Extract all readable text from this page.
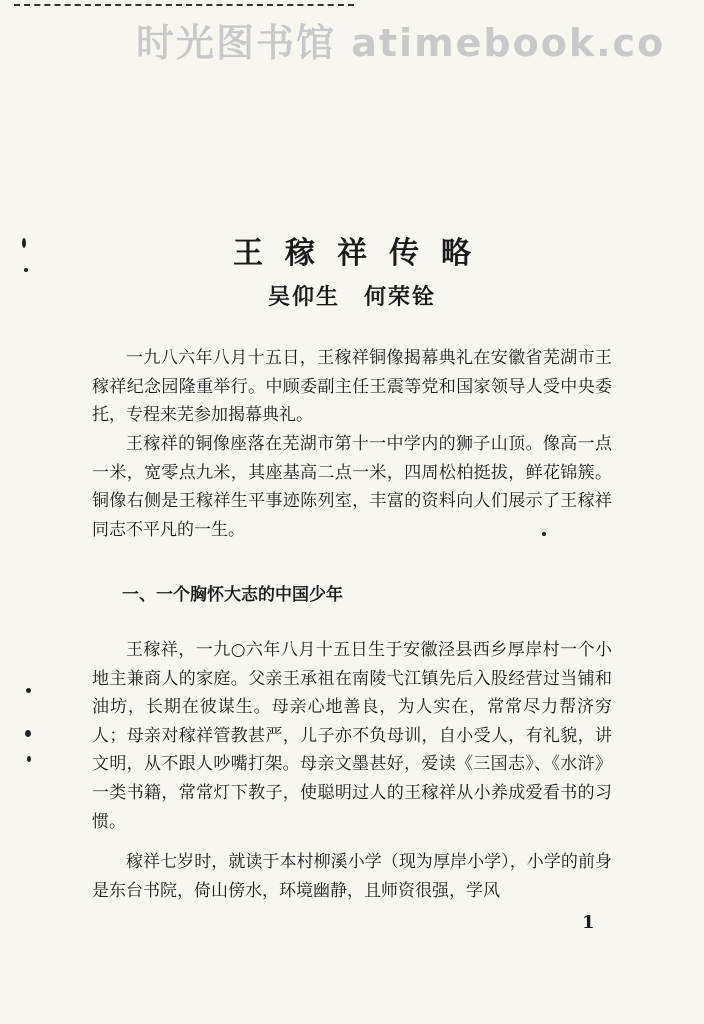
时光图书馆 atimebook.co
王稼祥传略
吴仰生　何荣铨

一九八六年八月十五日，王稼祥铜像揭幕典礼在安徽省芜湖市王稼祥纪念园隆重举行。中顾委副主任王震等党和国家领导人受中央委托，专程来芜参加揭幕典礼。

王稼祥的铜像座落在芜湖市第十一中学内的狮子山顶。像高一点一米，宽零点九米，其座基高二点一米，四周松柏挺拔，鲜花锦簇。铜像右侧是王稼祥生平事迹陈列室，丰富的资料向人们展示了王稼祥同志不平凡的一生。

一、一个胸怀大志的中国少年

王稼祥，一九○六年八月十五日生于安徽泾县西乡厚岸村一个小地主兼商人的家庭。父亲王承祖在南陵弋江镇先后入股经营过当铺和油坊，长期在彼谋生。母亲心地善良，为人实在，常常尽力帮济穷人；母亲对稼祥管教甚严，儿子亦不负母训，自小受人，有礼貌，讲文明，从不跟人吵嘴打架。母亲文墨甚好，爱读《三国志》、《水浒》一类书籍，常常灯下教子，使聪明过人的王稼祥从小养成爱看书的习惯。

稼祥七岁时，就读于本村柳溪小学（现为厚岸小学），小学的前身是东台书院，倚山傍水，环境幽静，且师资很强，学风

1
